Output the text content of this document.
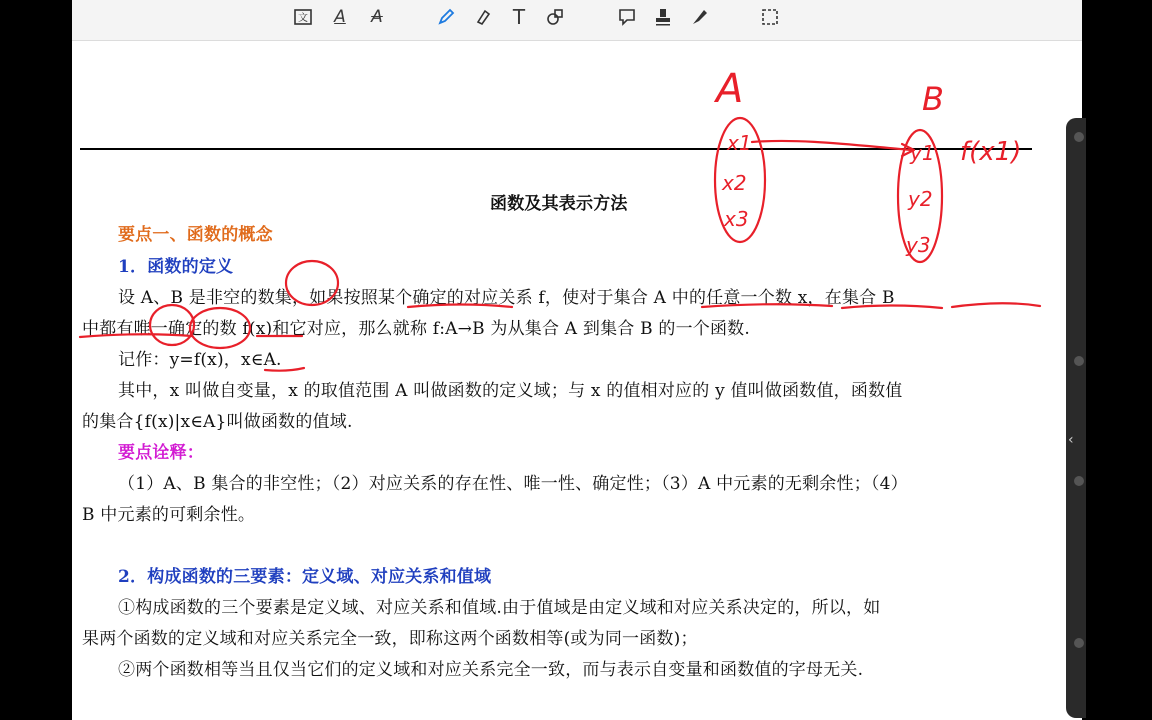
文	A	A	T
函数及其表示方法
要点一、函数的概念
1．函数的定义
设 A、B 是非空的数集，如果按照某个确定的对应关系 f，使对于集合 A 中的任意一个数 x，在集合 B
中都有唯一确定的数 f(x)和它对应，那么就称 f:A→B 为从集合 A 到集合 B 的一个函数.
记作：y=f(x)，x∈A.
其中，x 叫做自变量，x 的取值范围 A 叫做函数的定义域；与 x 的值相对应的 y 值叫做函数值，函数值
的集合{f(x)|x∈A}叫做函数的值域.
要点诠释：
（1）A、B 集合的非空性；（2）对应关系的存在性、唯一性、确定性；（3）A 中元素的无剩余性；（4）
B 中元素的可剩余性。
2．构成函数的三要素：定义域、对应关系和值域
①构成函数的三个要素是定义域、对应关系和值域.由于值域是由定义域和对应关系决定的，所以，如
果两个函数的定义域和对应关系完全一致，即称这两个函数相等(或为同一函数)；
②两个函数相等当且仅当它们的定义域和对应关系完全一致，而与表示自变量和函数值的字母无关.
A	B
x1
x2
x3
y1
y2
y3
f(x1)
‹
